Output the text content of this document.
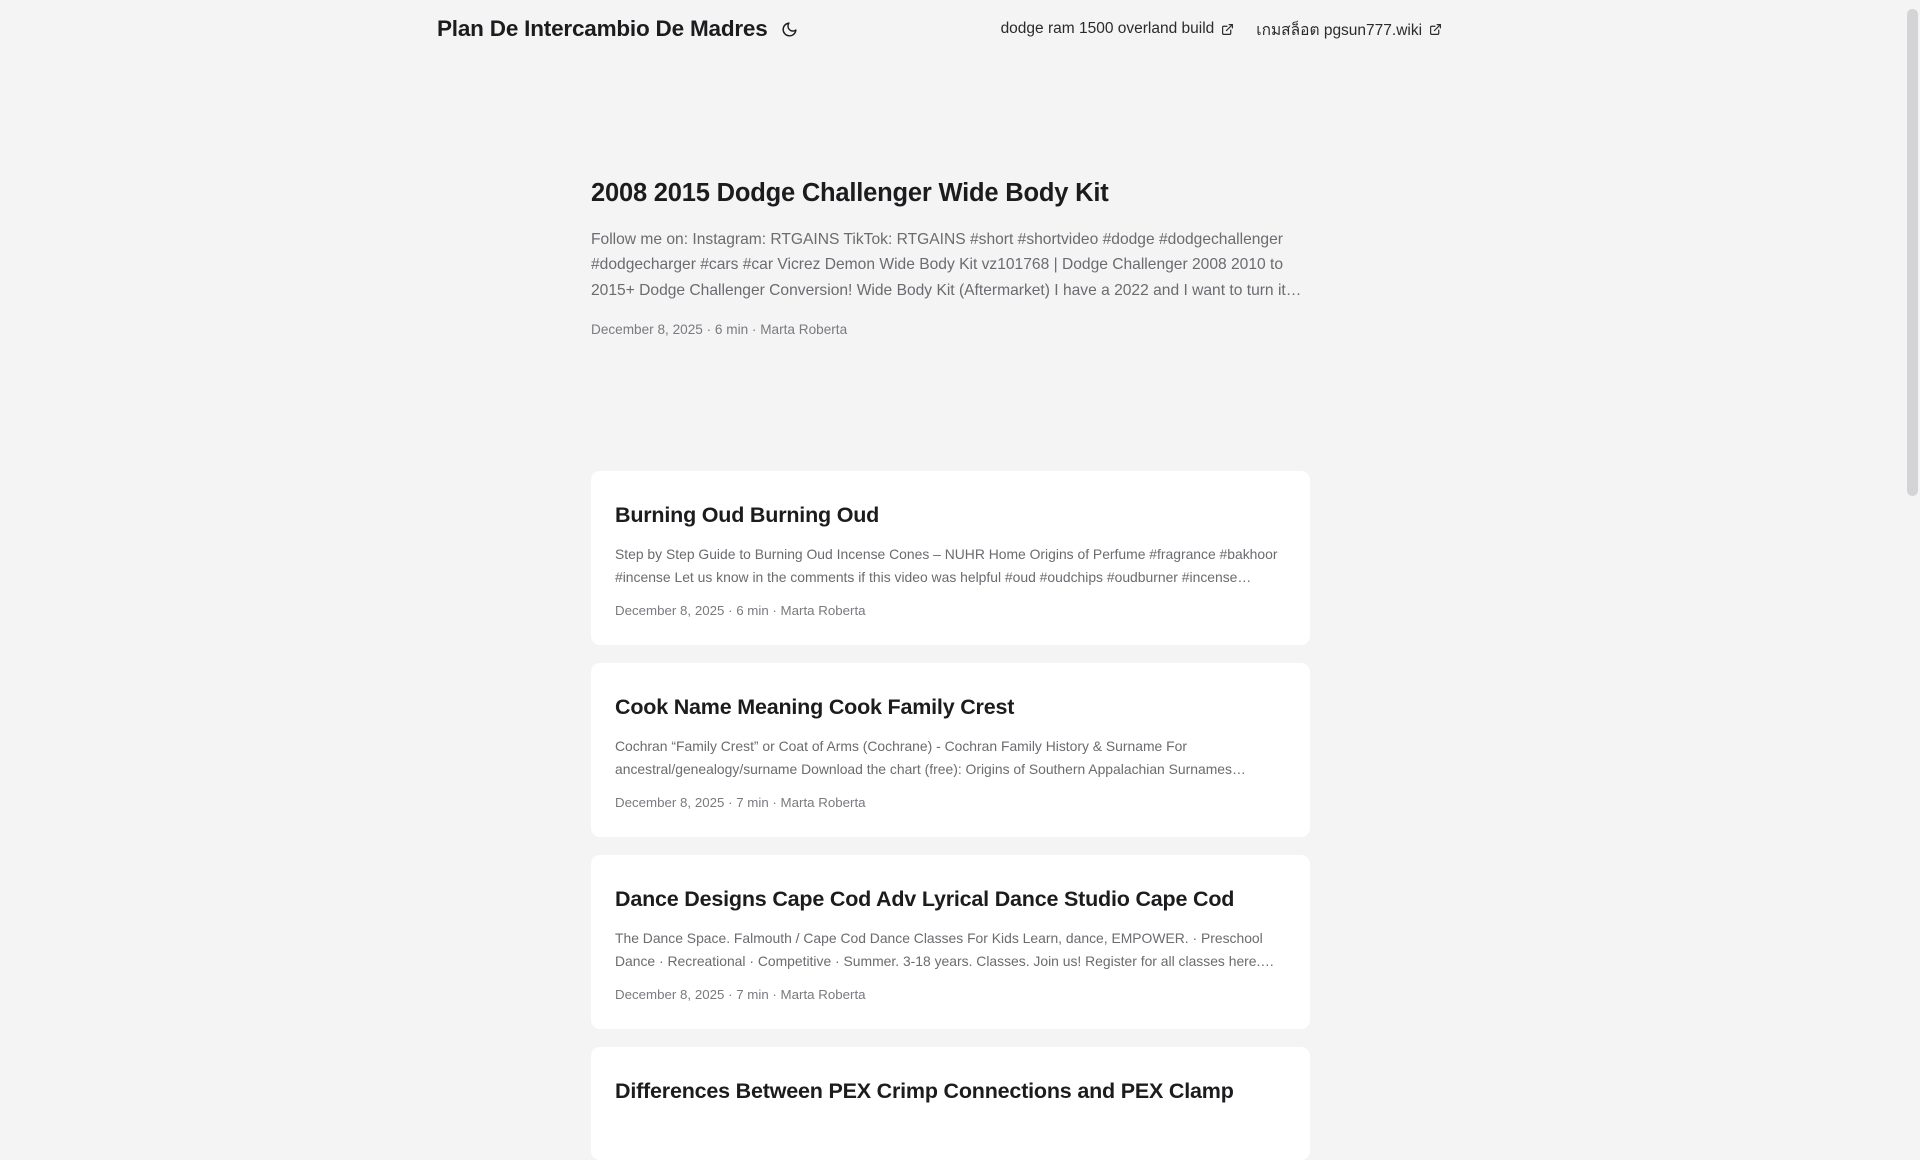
Plan De Intercambio De Madres	dodge ram 1500 overland build	เกมสล็อต pgsun777.wiki
2008 2015 Dodge Challenger Wide Body Kit

Follow me on: Instagram: RTGAINS TikTok: RTGAINS #short #shortvideo #dodge #dodgechallenger #dodgecharger #cars #car Vicrez Demon Wide Body Kit vz101768 | Dodge Challenger 2008 2010 to 2015+ Dodge Challenger Conversion! Wide Body Kit (Aftermarket) I have a 2022 and I want to turn it…

December 8, 2025 · 6 min · Marta Roberta
Burning Oud Burning Oud

Step by Step Guide to Burning Oud Incense Cones – NUHR Home Origins of Perfume #fragrance #bakhoor #incense Let us know in the comments if this video was helpful #oud #oudchips #oudburner #incense…

December 8, 2025 · 6 min · Marta Roberta
Cook Name Meaning Cook Family Crest

Cochran “Family Crest” or Coat of Arms (Cochrane) - Cochran Family History & Surname For ancestral/genealogy/surname Download the chart (free): Origins of Southern Appalachian Surnames…

December 8, 2025 · 7 min · Marta Roberta
Dance Designs Cape Cod Adv Lyrical Dance Studio Cape Cod

The Dance Space. Falmouth / Cape Cod Dance Classes For Kids Learn, dance, EMPOWER. · Preschool Dance · Recreational · Competitive · Summer. 3-18 years. Classes. Join us! Register for all classes here.…

December 8, 2025 · 7 min · Marta Roberta
Differences Between PEX Crimp Connections and PEX Clamp
